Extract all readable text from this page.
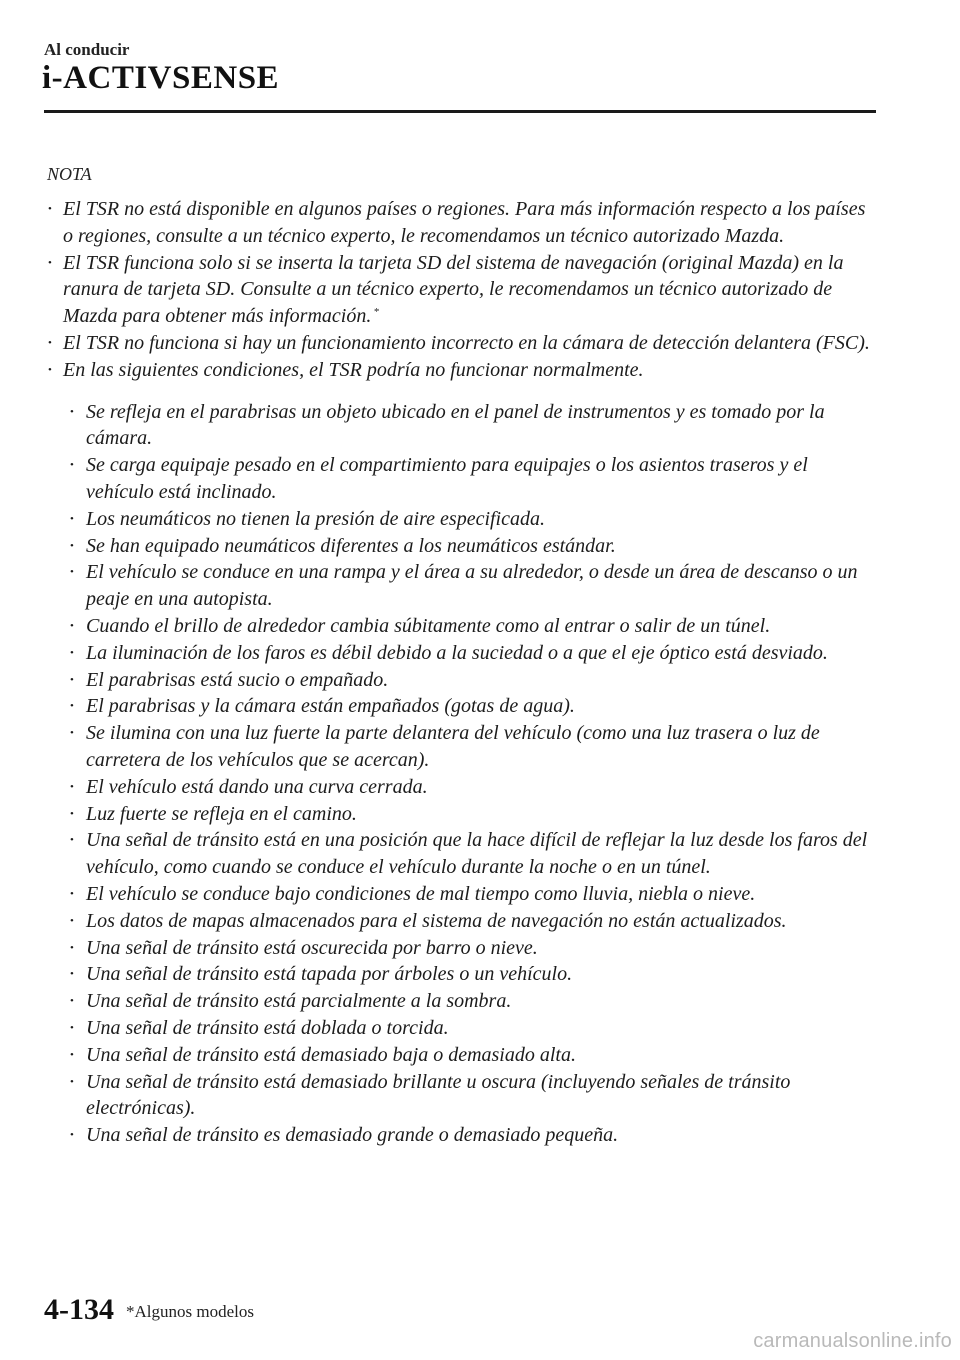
Al conducir
i-ACTIVSENSE
NOTA
• El TSR no está disponible en algunos países o regiones. Para más información respecto a los países o regiones, consulte a un técnico experto, le recomendamos un técnico autorizado Mazda.
• El TSR funciona solo si se inserta la tarjeta SD del sistema de navegación (original Mazda) en la ranura de tarjeta SD. Consulte a un técnico experto, le recomendamos un técnico autorizado de Mazda para obtener más información. *
• El TSR no funciona si hay un funcionamiento incorrecto en la cámara de detección delantera (FSC).
• En las siguientes condiciones, el TSR podría no funcionar normalmente.
• Se refleja en el parabrisas un objeto ubicado en el panel de instrumentos y es tomado por la cámara.
• Se carga equipaje pesado en el compartimiento para equipajes o los asientos traseros y el vehículo está inclinado.
• Los neumáticos no tienen la presión de aire especificada.
• Se han equipado neumáticos diferentes a los neumáticos estándar.
• El vehículo se conduce en una rampa y el área a su alrededor, o desde un área de descanso o un peaje en una autopista.
• Cuando el brillo de alrededor cambia súbitamente como al entrar o salir de un túnel.
• La iluminación de los faros es débil debido a la suciedad o a que el eje óptico está desviado.
• El parabrisas está sucio o empañado.
• El parabrisas y la cámara están empañados (gotas de agua).
• Se ilumina con una luz fuerte la parte delantera del vehículo (como una luz trasera o luz de carretera de los vehículos que se acercan).
• El vehículo está dando una curva cerrada.
• Luz fuerte se refleja en el camino.
• Una señal de tránsito está en una posición que la hace difícil de reflejar la luz desde los faros del vehículo, como cuando se conduce el vehículo durante la noche o en un túnel.
• El vehículo se conduce bajo condiciones de mal tiempo como lluvia, niebla o nieve.
• Los datos de mapas almacenados para el sistema de navegación no están actualizados.
• Una señal de tránsito está oscurecida por barro o nieve.
• Una señal de tránsito está tapada por árboles o un vehículo.
• Una señal de tránsito está parcialmente a la sombra.
• Una señal de tránsito está doblada o torcida.
• Una señal de tránsito está demasiado baja o demasiado alta.
• Una señal de tránsito está demasiado brillante u oscura (incluyendo señales de tránsito electrónicas).
• Una señal de tránsito es demasiado grande o demasiado pequeña.
4-134 *Algunos modelos
carmanualsonline.info
